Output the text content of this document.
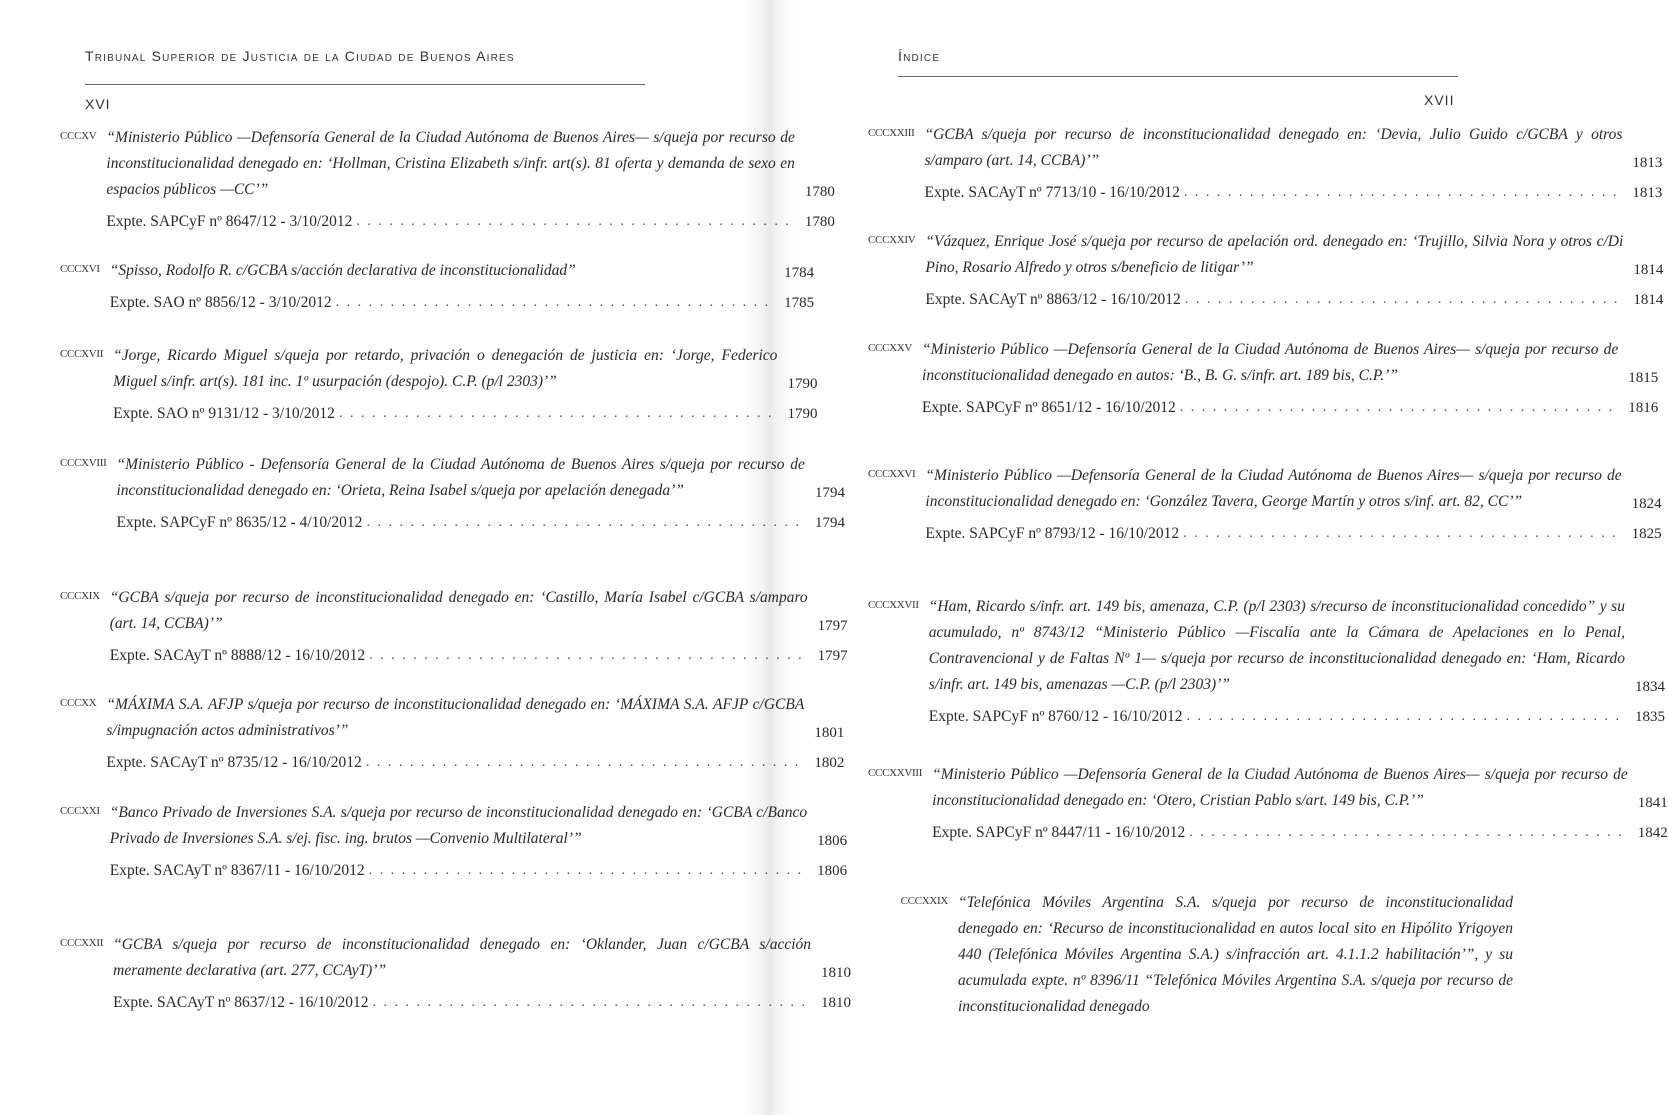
Tribunal Superior de Justicia de la Ciudad de Buenos Aires
XVI
CCCXV “Ministerio Público —Defensoría General de la Ciudad Autónoma de Buenos Aires— s/queja por recurso de inconstitucionalidad denegado en: ‘Hollman, Cristina Elizabeth s/infr. art(s). 81 oferta y demanda de sexo en espacios públicos —CC’”	1780
Expte. SAPCyF nº 8647/12 - 3/10/2012 . . . . . . . . . . . . . . . . . . . . . . . . . . . . . . . . . . . . . . . . 1780
CCCXVI “Spisso, Rodolfo R. c/GCBA s/acción declarativa de inconstitucionalidad”	1784
Expte. SAO nº 8856/12 - 3/10/2012 . . . . . . . . . . . . . . . . . . . . . . . . . . . . . . . . . . . . . . . . 1785
CCCXVII “Jorge, Ricardo Miguel s/queja por retardo, privación o denegación de justicia en: ‘Jorge, Federico Miguel s/infr. art(s). 181 inc. 1º usurpación (despojo). C.P. (p/l 2303)’”	1790
Expte. SAO nº 9131/12 - 3/10/2012 . . . . . . . . . . . . . . . . . . . . . . . . . . . . . . . . . . . . . . . . 1790
CCCXVIII “Ministerio Público - Defensoría General de la Ciudad Autónoma de Buenos Aires s/queja por recurso de inconstitucionalidad denegado en: ‘Orieta, Reina Isabel s/queja por apelación denegada’”	1794
Expte. SAPCyF nº 8635/12 - 4/10/2012 . . . . . . . . . . . . . . . . . . . . . . . . . . . . . . . . . . . . . . . . 1794
CCCXIX “GCBA s/queja por recurso de inconstitucionalidad denegado en: ‘Castillo, María Isabel c/GCBA s/amparo (art. 14, CCBA)’”	1797
Expte. SACAyT nº 8888/12 - 16/10/2012 . . . . . . . . . . . . . . . . . . . . . . . . . . . . . . . . . . . . . . . . 1797
CCCXX “MÁXIMA S.A. AFJP s/queja por recurso de inconstitucionalidad denegado en: ‘MÁXIMA S.A. AFJP c/GCBA s/impugnación actos administrativos’”	1801
Expte. SACAyT nº 8735/12 - 16/10/2012 . . . . . . . . . . . . . . . . . . . . . . . . . . . . . . . . . . . . . . . . 1802
CCCXXI “Banco Privado de Inversiones S.A. s/queja por recurso de inconstitucionalidad denegado en: ‘GCBA c/Banco Privado de Inversiones S.A. s/ej. fisc. ing. brutos —Convenio Multilateral’”	1806
Expte. SACAyT nº 8367/11 - 16/10/2012 . . . . . . . . . . . . . . . . . . . . . . . . . . . . . . . . . . . . . . . . 1806
CCCXXII “GCBA s/queja por recurso de inconstitucionalidad denegado en: ‘Oklander, Juan c/GCBA s/acción meramente declarativa (art. 277, CCAyT)’”	1810
Expte. SACAyT nº 8637/12 - 16/10/2012 . . . . . . . . . . . . . . . . . . . . . . . . . . . . . . . . . . . . . . . . 1810
Índice
XVII
CCCXXIII “GCBA s/queja por recurso de inconstitucionalidad denegado en: ‘Devia, Julio Guido c/GCBA y otros s/amparo (art. 14, CCBA)’”	1813
Expte. SACAyT nº 7713/10 - 16/10/2012 . . . . . . . . . . . . . . . . . . . . . . . . . . . . . . . . . . . . . . . . 1813
CCCXXIV “Vázquez, Enrique José s/queja por recurso de apelación ord. denegado en: ‘Trujillo, Silvia Nora y otros c/Di Pino, Rosario Alfredo y otros s/beneficio de litigar’”	1814
Expte. SACAyT nº 8863/12 - 16/10/2012 . . . . . . . . . . . . . . . . . . . . . . . . . . . . . . . . . . . . . . . . 1814
CCCXXV “Ministerio Público —Defensoría General de la Ciudad Autónoma de Buenos Aires— s/queja por recurso de inconstitucionalidad denegado en autos: ‘B., B. G. s/infr. art. 189 bis, C.P.’”	1815
Expte. SAPCyF nº 8651/12 - 16/10/2012 . . . . . . . . . . . . . . . . . . . . . . . . . . . . . . . . . . . . . . . . 1816
CCCXXVI “Ministerio Público —Defensoría General de la Ciudad Autónoma de Buenos Aires— s/queja por recurso de inconstitucionalidad denegado en: ‘González Tavera, George Martín y otros s/inf. art. 82, CC’”	1824
Expte. SAPCyF nº 8793/12 - 16/10/2012 . . . . . . . . . . . . . . . . . . . . . . . . . . . . . . . . . . . . . . . . 1825
CCCXXVII “Ham, Ricardo s/infr. art. 149 bis, amenaza, C.P. (p/l 2303) s/recurso de inconstitucionalidad concedido” y su acumulado, nº 8743/12 “Ministerio Público —Fiscalía ante la Cámara de Apelaciones en lo Penal, Contravencional y de Faltas Nº 1— s/queja por recurso de inconstitucionalidad denegado en: ‘Ham, Ricardo s/infr. art. 149 bis, amenazas —C.P. (p/l 2303)’”	1834
Expte. SAPCyF nº 8760/12 - 16/10/2012 . . . . . . . . . . . . . . . . . . . . . . . . . . . . . . . . . . . . . . . . 1835
CCCXXVIII “Ministerio Público —Defensoría General de la Ciudad Autónoma de Buenos Aires— s/queja por recurso de inconstitucionalidad denegado en: ‘Otero, Cristian Pablo s/art. 149 bis, C.P.’”	1841
Expte. SAPCyF nº 8447/11 - 16/10/2012 . . . . . . . . . . . . . . . . . . . . . . . . . . . . . . . . . . . . . . . . 1842
CCCXXIX “Telefónica Móviles Argentina S.A. s/queja por recurso de inconstitucionalidad denegado en: ‘Recurso de inconstitucionalidad en autos local sito en Hipólito Yrigoyen 440 (Telefónica Móviles Argentina S.A.) s/infracción art. 4.1.1.2 habilitación’”, y su acumulada expte. nº 8396/11 “Telefónica Móviles Argentina S.A. s/queja por recurso de inconstitucionalidad denegado
